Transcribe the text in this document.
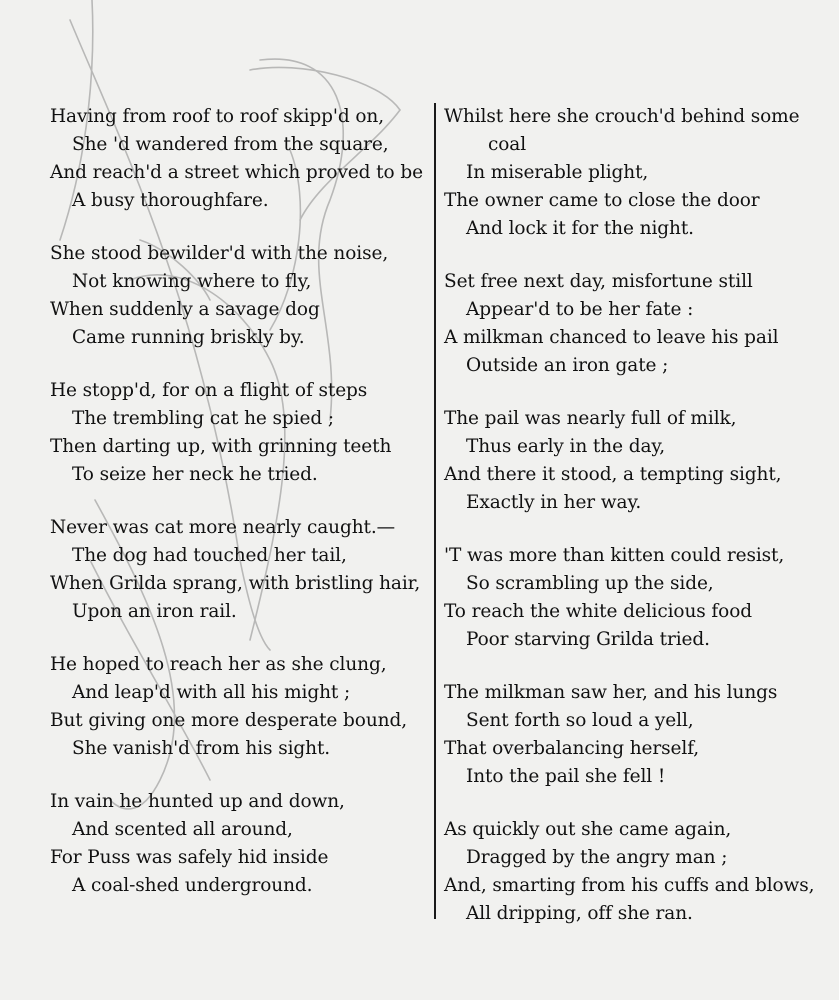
Having from roof to roof skipp'd on,
She 'd wandered from the square,
And reach'd a street which proved to be
A busy thoroughfare.
She stood bewilder'd with the noise,
Not knowing where to fly,
When suddenly a savage dog
Came running briskly by.
He stopp'd, for on a flight of steps
The trembling cat he spied ;
Then darting up, with grinning teeth
To seize her neck he tried.
Never was cat more nearly caught.—
The dog had touched her tail,
When Grilda sprang, with bristling hair,
Upon an iron rail.
He hoped to reach her as she clung,
And leap'd with all his might ;
But giving one more desperate bound,
She vanish'd from his sight.
In vain he hunted up and down,
And scented all around,
For Puss was safely hid inside
A coal-shed underground.
Whilst here she crouch'd behind some
coal
In miserable plight,
The owner came to close the door
And lock it for the night.
Set free next day, misfortune still
Appear'd to be her fate :
A milkman chanced to leave his pail
Outside an iron gate ;
The pail was nearly full of milk,
Thus early in the day,
And there it stood, a tempting sight,
Exactly in her way.
'T was more than kitten could resist,
So scrambling up the side,
To reach the white delicious food
Poor starving Grilda tried.
The milkman saw her, and his lungs
Sent forth so loud a yell,
That overbalancing herself,
Into the pail she fell !
As quickly out she came again,
Dragged by the angry man ;
And, smarting from his cuffs and blows,
All dripping, off she ran.
